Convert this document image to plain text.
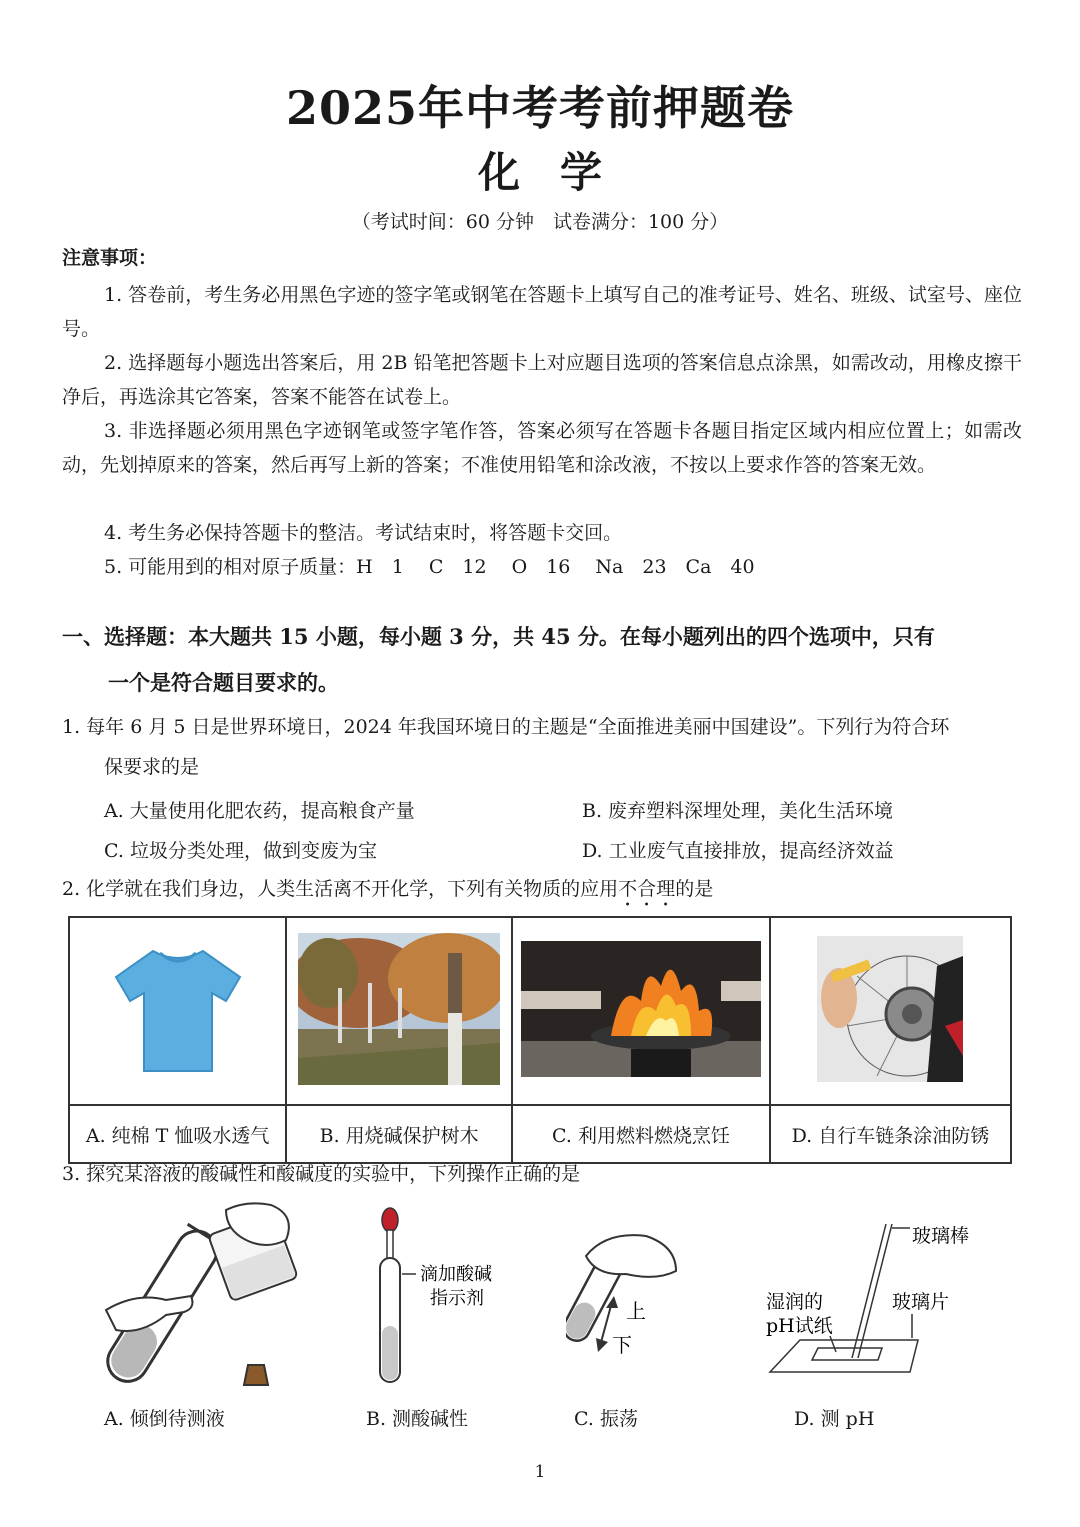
2025年中考考前押题卷
化学
（考试时间：60 分钟　试卷满分：100 分）
注意事项：
1. 答卷前，考生务必用黑色字迹的签字笔或钢笔在答题卡上填写自己的准考证号、姓名、班级、试室号、座位号。
2. 选择题每小题选出答案后，用 2B 铅笔把答题卡上对应题目选项的答案信息点涂黑，如需改动，用橡皮擦干净后，再选涂其它答案，答案不能答在试卷上。
3. 非选择题必须用黑色字迹钢笔或签字笔作答，答案必须写在答题卡各题目指定区域内相应位置上；如需改动，先划掉原来的答案，然后再写上新的答案；不准使用铅笔和涂改液，不按以上要求作答的答案无效。
4. 考生务必保持答题卡的整洁。考试结束时，将答题卡交回。
5. 可能用到的相对原子质量：H　1　 C　12　 O　16　 Na　23　Ca　40
一、选择题：本大题共 15 小题，每小题 3 分，共 45 分。在每小题列出的四个选项中，只有
一个是符合题目要求的。
1. 每年 6 月 5 日是世界环境日，2024 年我国环境日的主题是“全面推进美丽中国建设”。下列行为符合环
保要求的是
A. 大量使用化肥农药，提高粮食产量	B. 废弃塑料深埋处理，美化生活环境
C. 垃圾分类处理，做到变废为宝	D. 工业废气直接排放，提高经济效益
2. 化学就在我们身边，人类生活离不开化学，下列有关物质的应用不合理的是

A. 纯棉 T 恤吸水透气	B. 用烧碱保护树木	C. 利用燃料燃烧烹饪	D. 自行车链条涂油防锈
3. 探究某溶液的酸碱性和酸碱度的实验中，下列操作正确的是
A. 倾倒待测液
滴加酸碱
指示剂
B. 测酸碱性
上
下
C. 振荡
玻璃棒
湿润的
pH试纸
玻璃片
D. 测 pH
1
